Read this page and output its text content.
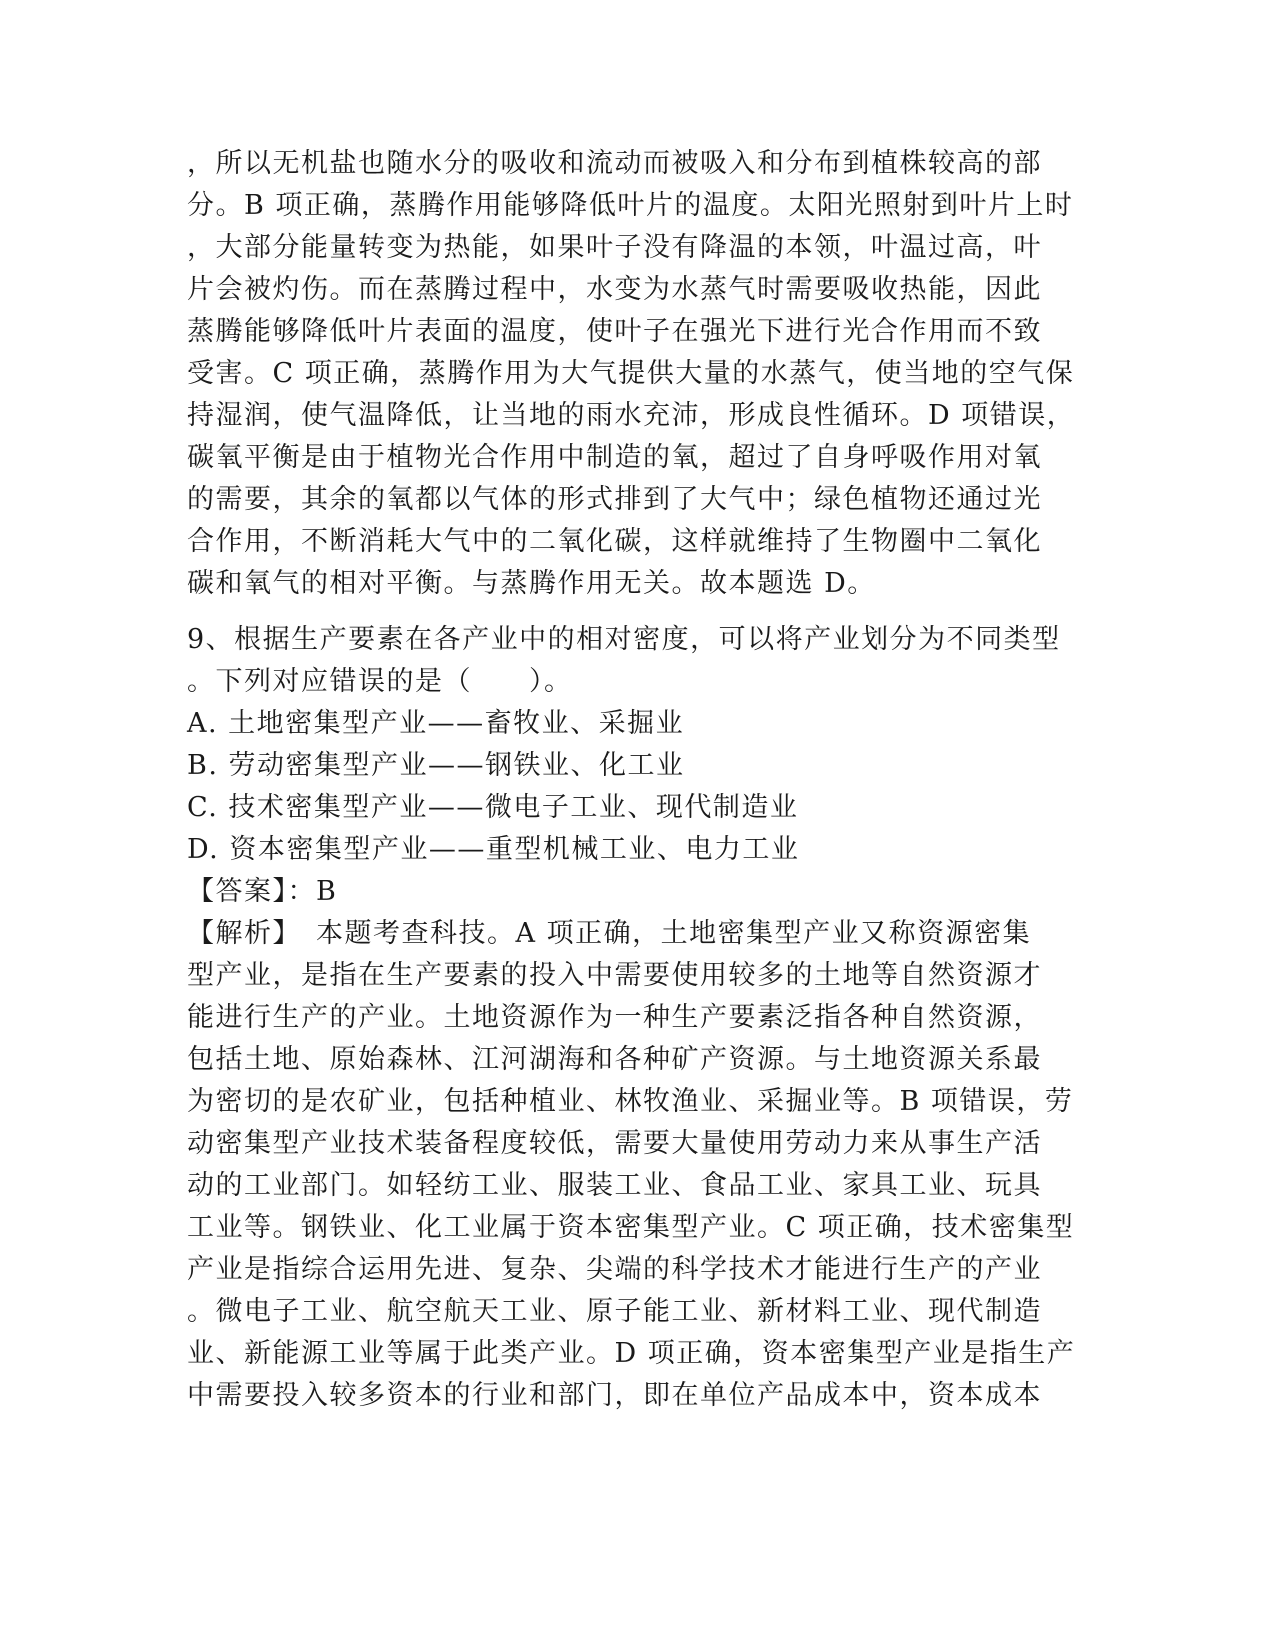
，所以无机盐也随水分的吸收和流动而被吸入和分布到植株较高的部
分。B 项正确，蒸腾作用能够降低叶片的温度。太阳光照射到叶片上时
，大部分能量转变为热能，如果叶子没有降温的本领，叶温过高，叶
片会被灼伤。而在蒸腾过程中，水变为水蒸气时需要吸收热能，因此
蒸腾能够降低叶片表面的温度，使叶子在强光下进行光合作用而不致
受害。C 项正确，蒸腾作用为大气提供大量的水蒸气，使当地的空气保
持湿润，使气温降低，让当地的雨水充沛，形成良性循环。D 项错误，
碳氧平衡是由于植物光合作用中制造的氧，超过了自身呼吸作用对氧
的需要，其余的氧都以气体的形式排到了大气中；绿色植物还通过光
合作用，不断消耗大气中的二氧化碳，这样就维持了生物圈中二氧化
碳和氧气的相对平衡。与蒸腾作用无关。故本题选 D。
9、根据生产要素在各产业中的相对密度，可以将产业划分为不同类型
。下列对应错误的是（　　）。
A. 土地密集型产业——畜牧业、采掘业
B. 劳动密集型产业——钢铁业、化工业
C. 技术密集型产业——微电子工业、现代制造业
D. 资本密集型产业——重型机械工业、电力工业
【答案】：B
【解析】　本题考查科技。A 项正确，土地密集型产业又称资源密集
型产业，是指在生产要素的投入中需要使用较多的土地等自然资源才
能进行生产的产业。土地资源作为一种生产要素泛指各种自然资源，
包括土地、原始森林、江河湖海和各种矿产资源。与土地资源关系最
为密切的是农矿业，包括种植业、林牧渔业、采掘业等。B 项错误，劳
动密集型产业技术装备程度较低，需要大量使用劳动力来从事生产活
动的工业部门。如轻纺工业、服装工业、食品工业、家具工业、玩具
工业等。钢铁业、化工业属于资本密集型产业。C 项正确，技术密集型
产业是指综合运用先进、复杂、尖端的科学技术才能进行生产的产业
。微电子工业、航空航天工业、原子能工业、新材料工业、现代制造
业、新能源工业等属于此类产业。D 项正确，资本密集型产业是指生产
中需要投入较多资本的行业和部门，即在单位产品成本中，资本成本
